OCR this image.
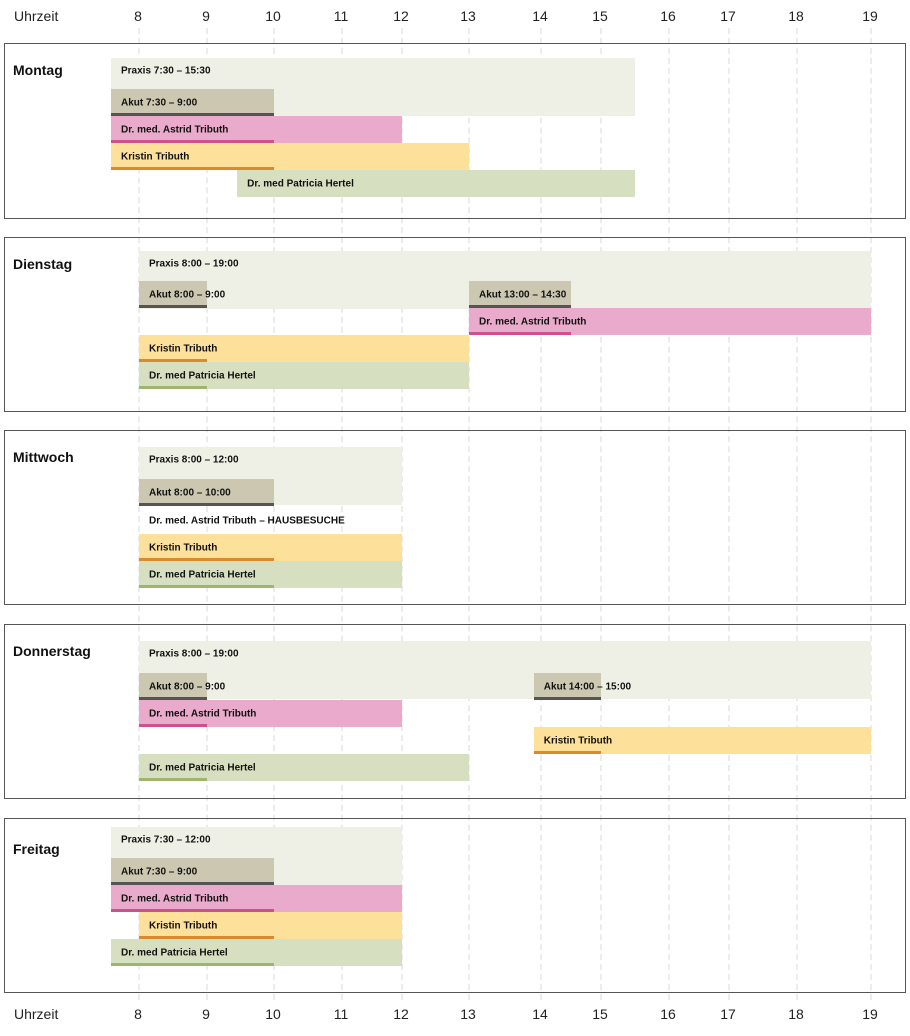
Uhrzeit	8	9	10	11	12	13	14	15	16	17	18	19
Uhrzeit	8	9	10	11	12	13	14	15	16	17	18	19
Montag	Praxis 7:30 – 15:30
Akut 7:30 – 9:00
Dr. med. Astrid Tributh
Kristin Tributh
Dr. med Patricia Hertel
Dienstag	Praxis 8:00 – 19:00
Akut 8:00 – 9:00	Akut 13:00 – 14:30
Dr. med. Astrid Tributh
Kristin Tributh
Dr. med Patricia Hertel
Mittwoch	Praxis 8:00 – 12:00
Akut 8:00 – 10:00
Dr. med. Astrid Tributh – HAUSBESUCHE
Kristin Tributh
Dr. med Patricia Hertel
Donnerstag	Praxis 8:00 – 19:00
Akut 8:00 – 9:00	Akut 14:00 – 15:00
Dr. med. Astrid Tributh
Kristin Tributh
Dr. med Patricia Hertel
Freitag
Praxis 7:30 – 12:00
Akut 7:30 – 9:00
Dr. med. Astrid Tributh
Kristin Tributh
Dr. med Patricia Hertel
